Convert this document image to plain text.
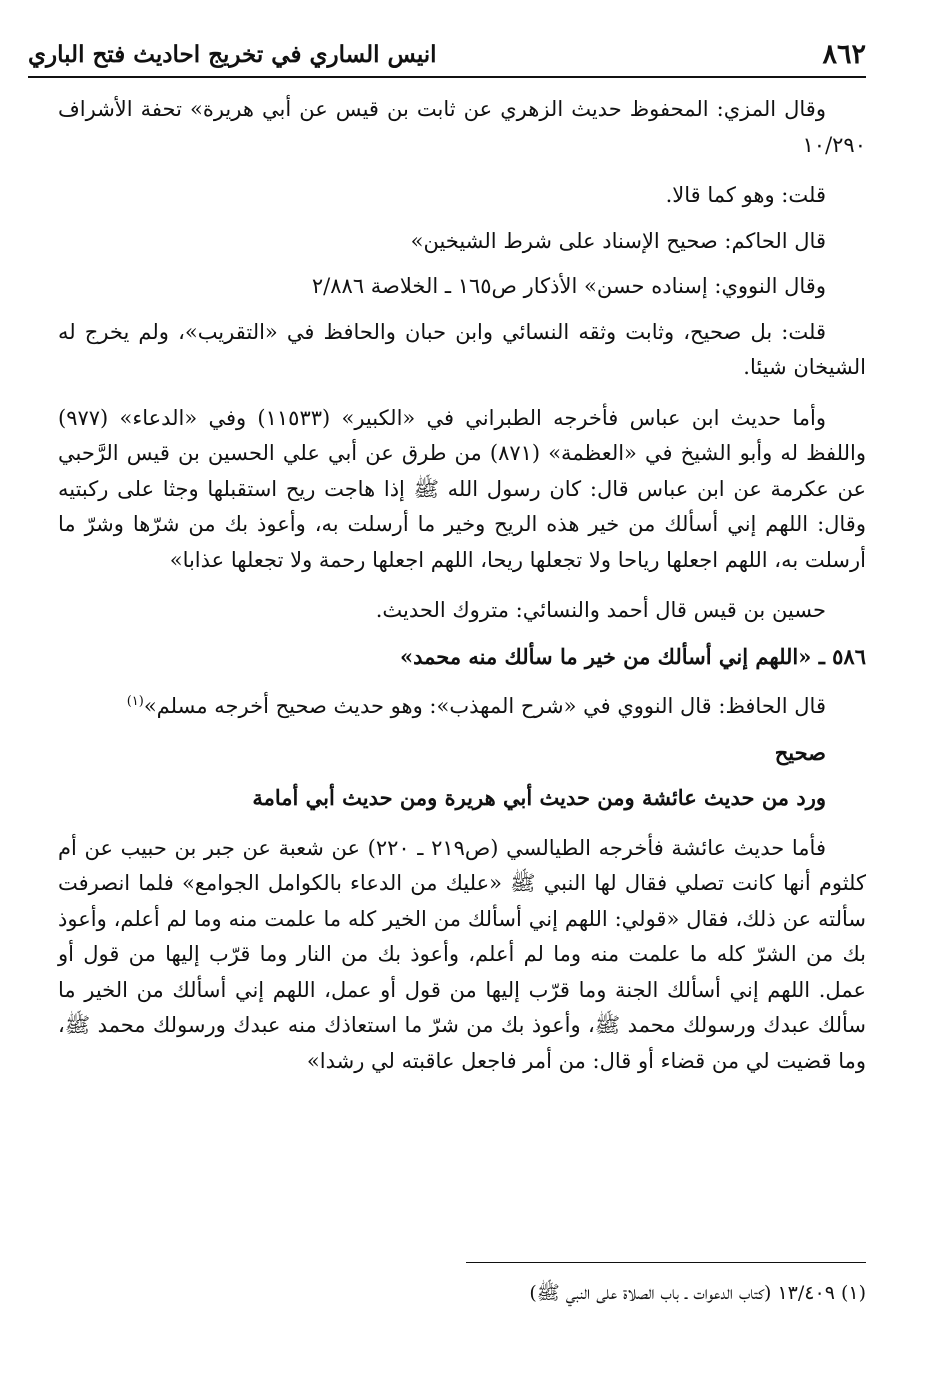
٨٦٢
انيس الساري في تخريج احاديث فتح الباري

وقال المزي: المحفوظ حديث الزهري عن ثابت بن قيس عن أبي هريرة» تحفة الأشراف ١٠/٢٩٠

قلت: وهو كما قالا.

قال الحاكم: صحيح الإسناد على شرط الشيخين»

وقال النووي: إسناده حسن» الأذكار ص١٦٥ ـ الخلاصة ٢/٨٨٦

قلت: بل صحيح، وثابت وثقه النسائي وابن حبان والحافظ في «التقريب»، ولم يخرج له الشيخان شيئا.

وأما حديث ابن عباس فأخرجه الطبراني في «الكبير» (١١٥٣٣) وفي «الدعاء» (٩٧٧) واللفظ له وأبو الشيخ في «العظمة» (٨٧١) من طرق عن أبي علي الحسين بن قيس الرَّحبي عن عكرمة عن ابن عباس قال: كان رسول الله ﷺ إذا هاجت ريح استقبلها وجثا على ركبتيه وقال: اللهم إني أسألك من خير هذه الريح وخير ما أرسلت به، وأعوذ بك من شرّها وشرّ ما أرسلت به، اللهم اجعلها رياحا ولا تجعلها ريحا، اللهم اجعلها رحمة ولا تجعلها عذابا»

حسين بن قيس قال أحمد والنسائي: متروك الحديث.

٥٨٦ ـ «اللهم إني أسألك من خير ما سألك منه محمد»

قال الحافظ: قال النووي في «شرح المهذب»: وهو حديث صحيح أخرجه مسلم»$^{(١)}$

صحيح

ورد من حديث عائشة ومن حديث أبي هريرة ومن حديث أبي أمامة

فأما حديث عائشة فأخرجه الطيالسي (ص٢١٩ ـ ٢٢٠) عن شعبة عن جبر بن حبيب عن أم كلثوم أنها كانت تصلي فقال لها النبي ﷺ «عليك من الدعاء بالكوامل الجوامع» فلما انصرفت سألته عن ذلك، فقال «قولي: اللهم إني أسألك من الخير كله ما علمت منه وما لم أعلم، وأعوذ بك من الشرّ كله ما علمت منه وما لم أعلم، وأعوذ بك من النار وما قرّب إليها من قول أو عمل. اللهم إني أسألك الجنة وما قرّب إليها من قول أو عمل، اللهم إني أسألك من الخير ما سألك عبدك ورسولك محمد ﷺ، وأعوذ بك من شرّ ما استعاذك منه عبدك ورسولك محمد ﷺ، وما قضيت لي من قضاء أو قال: من أمر فاجعل عاقبته لي رشدا»

(١) ١٣/٤٠٩ (كتاب الدعوات ـ باب الصلاة على النبي ﷺ)
